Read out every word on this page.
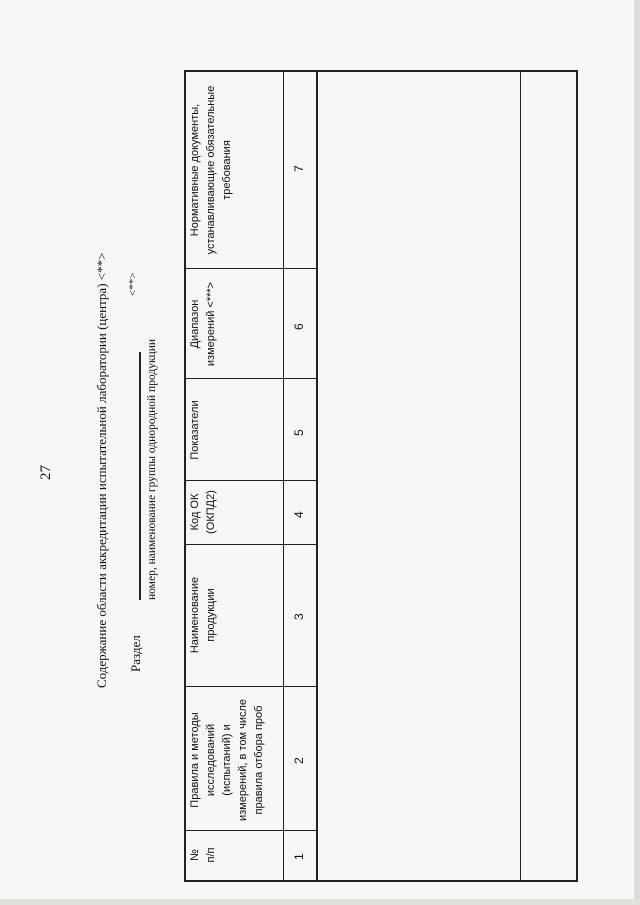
27	Содержание области аккредитации испытательной лаборатории (центра) <**> Раздел
<**>
номер, наименование группы однородной продукции
№ п/п
Правила и методы исследований (испытаний) и измерений, в том числе правила отбора проб
Наименование продукции
Код ОК (ОКПД2)
Показатели
Диапазон измерений <***>
Нормативные документы, устанавливающие обязательные требования
1
2
3
4
5
6
7
